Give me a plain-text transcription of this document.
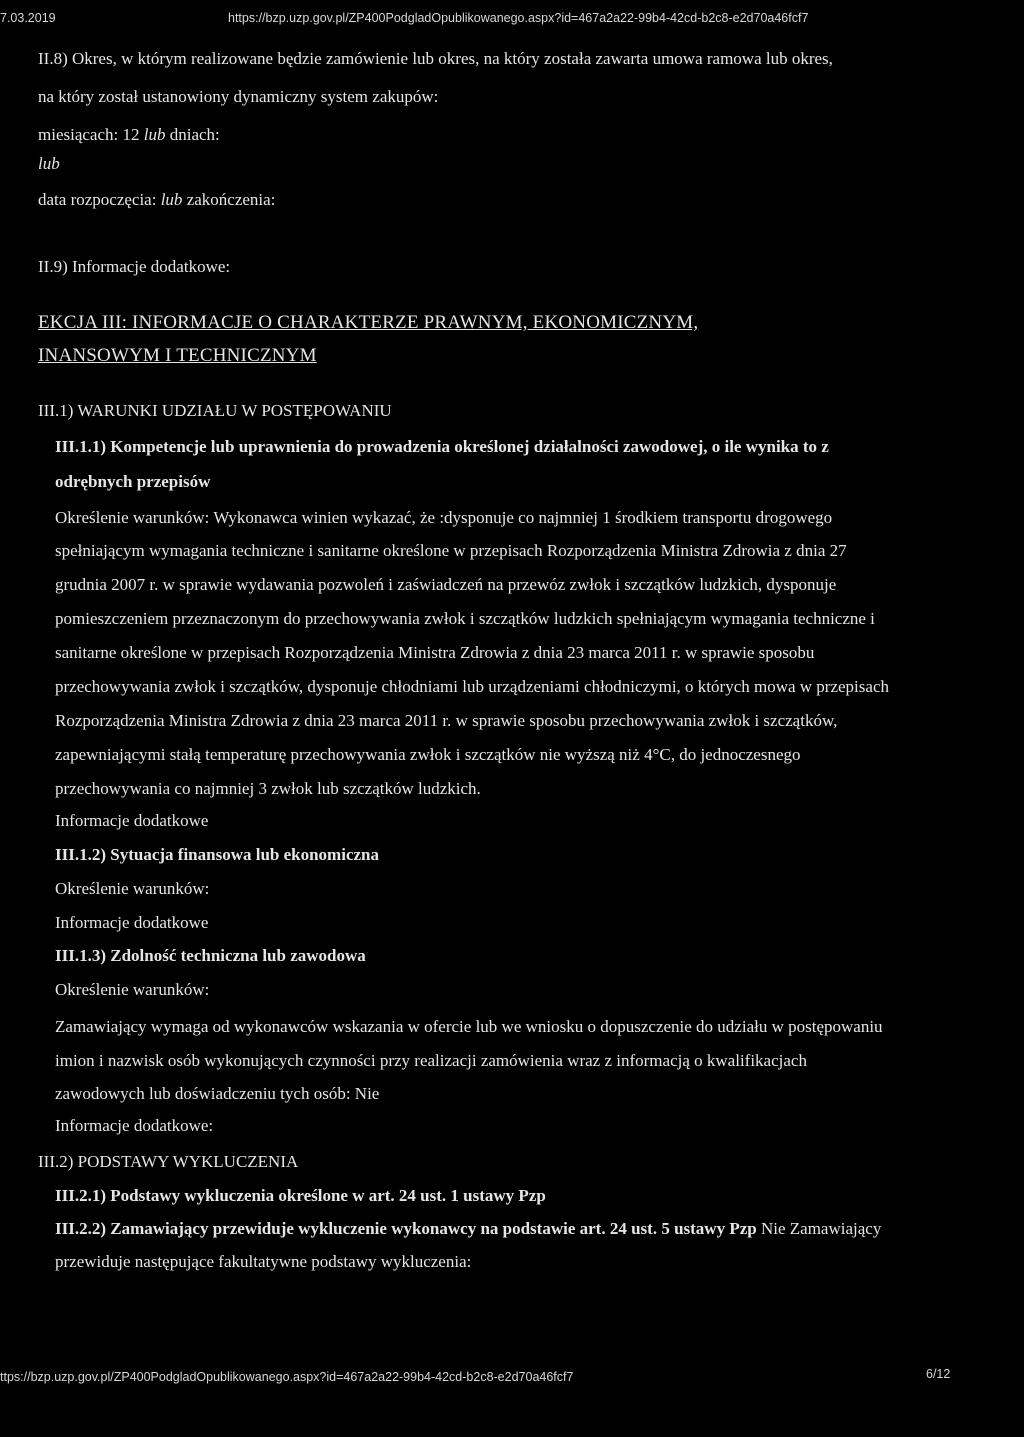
7.03.2019	https://bzp.uzp.gov.pl/ZP400PodgladOpublikowanego.aspx?id=467a2a22-99b4-42cd-b2c8-e2d70a46fcf7
II.8) Okres, w którym realizowane będzie zamówienie lub okres, na który została zawarta umowa ramowa lub okres,
na który został ustanowiony dynamiczny system zakupów:
miesiącach: 12 lub dniach:
lub
data rozpoczęcia: lub zakończenia:
II.9) Informacje dodatkowe:
EKCJA III: INFORMACJE O CHARAKTERZE PRAWNYM, EKONOMICZNYM,
INANSOWYM I TECHNICZNYM
III.1) WARUNKI UDZIAŁU W POSTĘPOWANIU
III.1.1) Kompetencje lub uprawnienia do prowadzenia określonej działalności zawodowej, o ile wynika to z
odrębnych przepisów
Określenie warunków: Wykonawca winien wykazać, że :dysponuje co najmniej 1 środkiem transportu drogowego
spełniającym wymagania techniczne i sanitarne określone w przepisach Rozporządzenia Ministra Zdrowia z dnia 27
grudnia 2007 r. w sprawie wydawania pozwoleń i zaświadczeń na przewóz zwłok i szczątków ludzkich, dysponuje
pomieszczeniem przeznaczonym do przechowywania zwłok i szczątków ludzkich spełniającym wymagania techniczne i
sanitarne określone w przepisach Rozporządzenia Ministra Zdrowia z dnia 23 marca 2011 r. w sprawie sposobu
przechowywania zwłok i szczątków, dysponuje chłodniami lub urządzeniami chłodniczymi, o których mowa w przepisach
Rozporządzenia Ministra Zdrowia z dnia 23 marca 2011 r. w sprawie sposobu przechowywania zwłok i szczątków,
zapewniającymi stałą temperaturę przechowywania zwłok i szczątków nie wyższą niż 4°C, do jednoczesnego
przechowywania co najmniej 3 zwłok lub szczątków ludzkich.
Informacje dodatkowe
III.1.2) Sytuacja finansowa lub ekonomiczna
Określenie warunków:
Informacje dodatkowe
III.1.3) Zdolność techniczna lub zawodowa
Określenie warunków:
Zamawiający wymaga od wykonawców wskazania w ofercie lub we wniosku o dopuszczenie do udziału w postępowaniu
imion i nazwisk osób wykonujących czynności przy realizacji zamówienia wraz z informacją o kwalifikacjach
zawodowych lub doświadczeniu tych osób: Nie
Informacje dodatkowe:
III.2) PODSTAWY WYKLUCZENIA
III.2.1) Podstawy wykluczenia określone w art. 24 ust. 1 ustawy Pzp
III.2.2) Zamawiający przewiduje wykluczenie wykonawcy na podstawie art. 24 ust. 5 ustawy Pzp Nie Zamawiający
przewiduje następujące fakultatywne podstawy wykluczenia:
ttps://bzp.uzp.gov.pl/ZP400PodgladOpublikowanego.aspx?id=467a2a22-99b4-42cd-b2c8-e2d70a46fcf7	6/12
